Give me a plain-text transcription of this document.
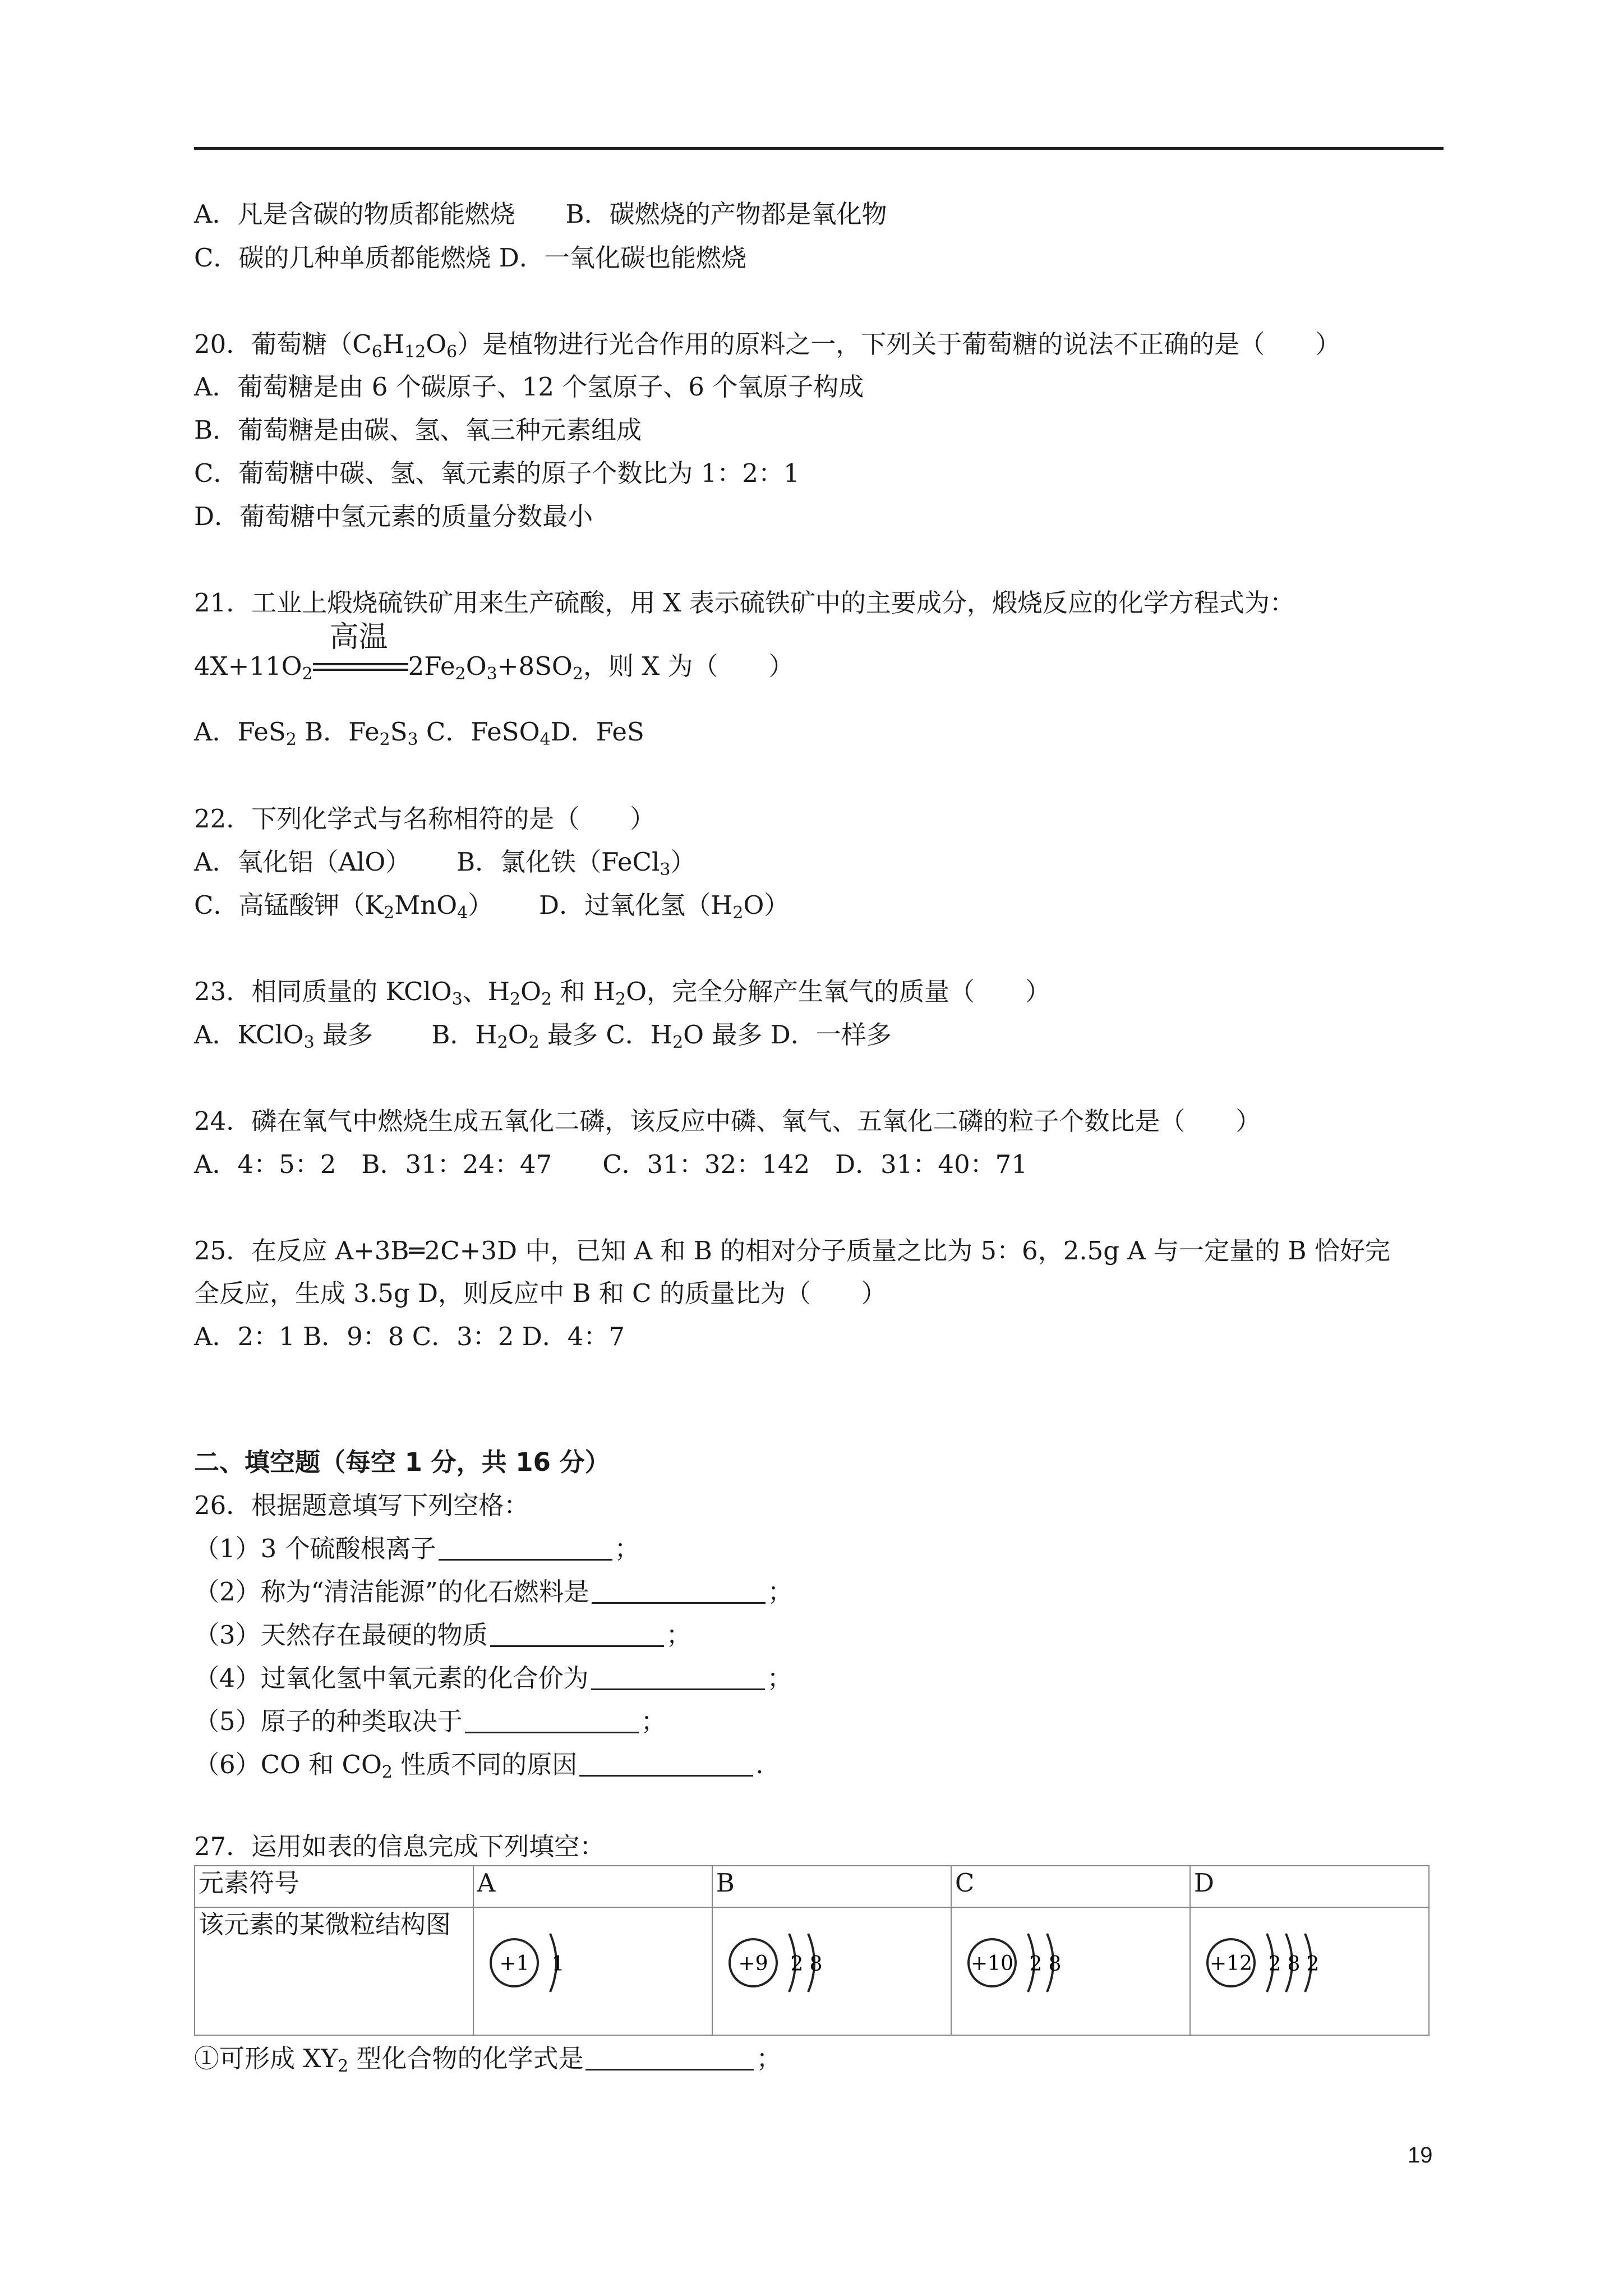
A．凡是含碳的物质都能燃烧　　 B．碳燃烧的产物都是氧化物
C．碳的几种单质都能燃烧 D．一氧化碳也能燃烧
20．葡萄糖$(C_6H_{12}O_6)$是植物进行光合作用的原料之一，下列关于葡萄糖的说法不正确的是（　　）
A．葡萄糖是由 6 个碳原子、12 个氢原子、6 个氧原子构成
B．葡萄糖是由碳、氢、氧三种元素组成
C．葡萄糖中碳、氢、氧元素的原子个数比为 1：2：1
D．葡萄糖中氢元素的质量分数最小
21．工业上煅烧硫铁矿用来生产硫酸，用 X 表示硫铁矿中的主要成分，煅烧反应的化学方程式为：
$4X+11O_2$
高温
$2Fe_2O_3+8SO_2$，则 X 为（　　）
A．FeS$_2$ B．$Fe_2S_3$ C．FeSO$_4$D．FeS
22．下列化学式与名称相符的是（　　）
A．氧化铝（AlO）　　 B．氯化铁（FeCl$_3$）
C．高锰酸钾$(K_2MnO_4)$　　 D．过氧化氢$(H_2O)$
23．相同质量的 KClO$_3$、$H_2O_2$ 和 $H_2O$，完全分解产生氧气的质量（　　）
A．KClO$_3$ 最多　　 B．$H_2O_2$ 最多 C．$H_2O$ 最多 D．一样多
24．磷在氧气中燃烧生成五氧化二磷，该反应中磷、氧气、五氧化二磷的粒子个数比是（　　）
A．4：5：2　B．31：24：47　　C．31：32：142　D．31：40：71
25．在反应 A+3B═2C+3D 中，已知 A 和 B 的相对分子质量之比为 5：6，2.5g A 与一定量的 B 恰好完
全反应，生成 3.5g D，则反应中 B 和 C 的质量比为（　　）
A．2：1 B．9：8 C．3：2 D．4：7
二、填空题（每空 1 分，共 16 分）
26．根据题意填写下列空格：
（1）3 个硫酸根离子	；
（2）称为“清洁能源”的化石燃料是	；
（3）天然存在最硬的物质	；
（4）过氧化氢中氧元素的化合价为	；
（5）原子的种类取决于	；
（6）CO 和 $CO_2$ 性质不同的原因	.
27．运用如表的信息完成下列填空：
元素符号	A	B	C	D
该元素的某微粒结构图	+1 1	+9 2 8	+10 2 8	+12 2 8 2
①可形成 $XY_2$ 型化合物的化学式是	；
19
